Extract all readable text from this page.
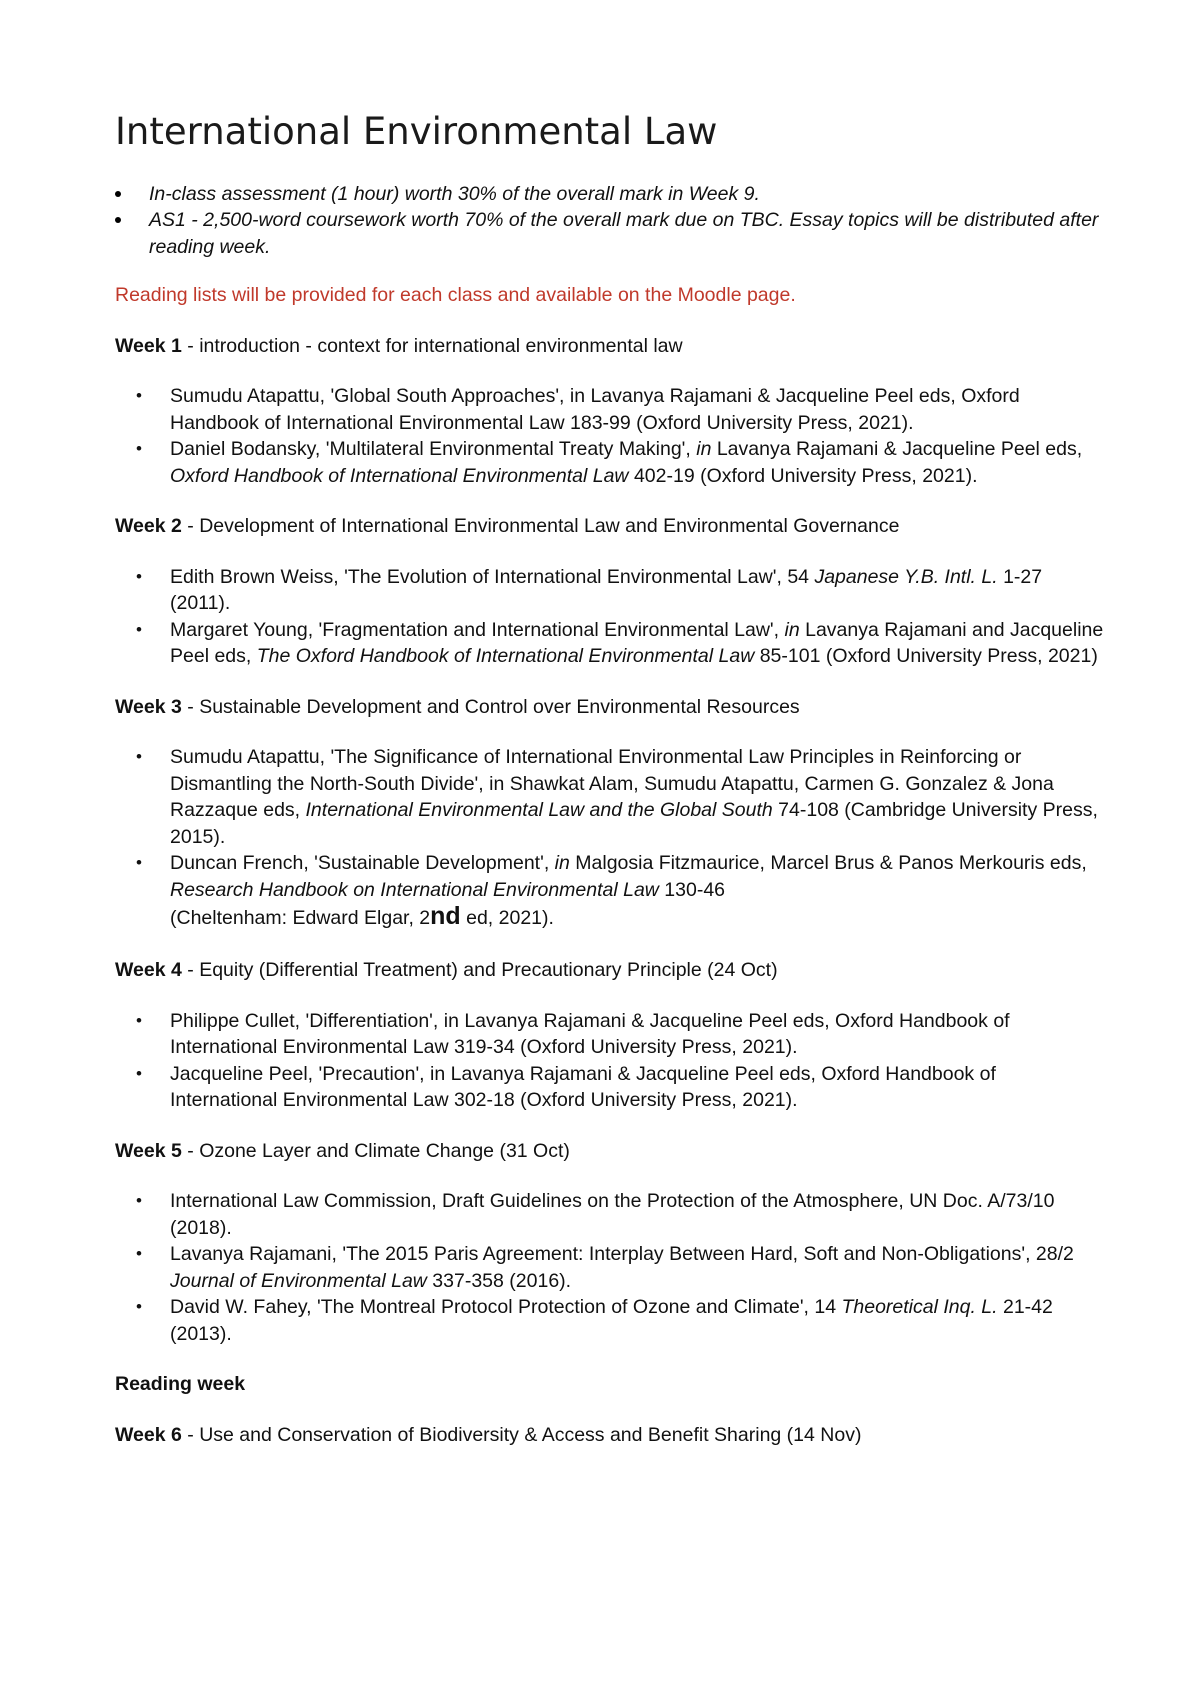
International Environmental Law
In-class assessment (1 hour) worth 30% of the overall mark in Week 9.
AS1 - 2,500-word coursework worth 70% of the overall mark due on TBC. Essay topics will be distributed after reading week.

Reading lists will be provided for each class and available on the Moodle page.

Week 1 - introduction - context for international environmental law

• Sumudu Atapattu, 'Global South Approaches', in Lavanya Rajamani & Jacqueline Peel eds, Oxford Handbook of International Environmental Law 183-99 (Oxford University Press, 2021).
• Daniel Bodansky, 'Multilateral Environmental Treaty Making', in Lavanya Rajamani & Jacqueline Peel eds, Oxford Handbook of International Environmental Law 402-19 (Oxford University Press, 2021).

Week 2 - Development of International Environmental Law and Environmental Governance

• Edith Brown Weiss, 'The Evolution of International Environmental Law', 54 Japanese Y.B. Intl. L. 1-27 (2011).
• Margaret Young, 'Fragmentation and International Environmental Law', in Lavanya Rajamani and Jacqueline Peel eds, The Oxford Handbook of International Environmental Law 85-101 (Oxford University Press, 2021)

Week 3 - Sustainable Development and Control over Environmental Resources

• Sumudu Atapattu, 'The Significance of International Environmental Law Principles in Reinforcing or Dismantling the North-South Divide', in Shawkat Alam, Sumudu Atapattu, Carmen G. Gonzalez & Jona Razzaque eds, International Environmental Law and the Global South 74-108 (Cambridge University Press, 2015).
• Duncan French, 'Sustainable Development', in Malgosia Fitzmaurice, Marcel Brus & Panos Merkouris eds, Research Handbook on International Environmental Law 130-46
(Cheltenham: Edward Elgar, 2nd ed, 2021).

Week 4 - Equity (Differential Treatment) and Precautionary Principle (24 Oct)

• Philippe Cullet, 'Differentiation', in Lavanya Rajamani & Jacqueline Peel eds, Oxford Handbook of International Environmental Law 319-34 (Oxford University Press, 2021).
• Jacqueline Peel, 'Precaution', in Lavanya Rajamani & Jacqueline Peel eds, Oxford Handbook of International Environmental Law 302-18 (Oxford University Press, 2021).

Week 5 - Ozone Layer and Climate Change (31 Oct)

• International Law Commission, Draft Guidelines on the Protection of the Atmosphere, UN Doc. A/73/10 (2018).
• Lavanya Rajamani, 'The 2015 Paris Agreement: Interplay Between Hard, Soft and Non-Obligations', 28/2 Journal of Environmental Law 337-358 (2016).
• David W. Fahey, 'The Montreal Protocol Protection of Ozone and Climate', 14 Theoretical Inq. L. 21-42 (2013).

Reading week

Week 6 - Use and Conservation of Biodiversity & Access and Benefit Sharing (14 Nov)
